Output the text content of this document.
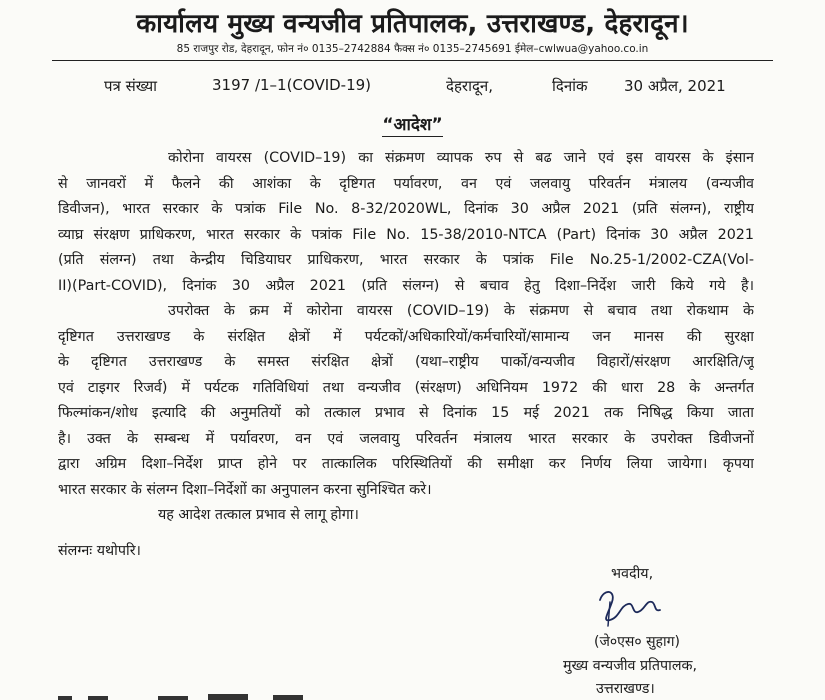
कार्यालय मुख्य वन्यजीव प्रतिपालक, उत्तराखण्ड, देहरादून।
85 राजपुर रोड, देहरादून, फोन नं० 0135–2742884 फैक्स नं० 0135–2745691 ईमेल–cwlwua@yahoo.co.in
पत्र संख्या	3197 /1–1(COVID-19)	देहरादून,	दिनांक 30 अप्रैल, 2021
“आदेश”
कोरोना वायरस (COVID–19) का संक्रमण व्यापक रुप से बढ जाने एवं इस वायरस के इंसान
से जानवरों में फैलने की आशंका के दृष्टिगत पर्यावरण, वन एवं जलवायु परिवर्तन मंत्रालय (वन्यजीव
डिवीजन), भारत सरकार के पत्रांक File No. 8-32/2020WL, दिनांक 30 अप्रैल 2021 (प्रति संलग्न), राष्ट्रीय
व्याघ्र संरक्षण प्राधिकरण, भारत सरकार के पत्रांक File No. 15-38/2010-NTCA (Part) दिनांक 30 अप्रैल 2021
(प्रति संलग्न) तथा केन्द्रीय चिडियाघर प्राधिकरण, भारत सरकार के पत्रांक File No.25-1/2002-CZA(Vol-
II)(Part-COVID), दिनांक 30 अप्रैल 2021 (प्रति संलग्न) से बचाव हेतु दिशा–निर्देश जारी किये गये है।
उपरोक्त के क्रम में कोरोना वायरस (COVID–19) के संक्रमण से बचाव तथा रोकथाम के
दृष्टिगत उत्तराखण्ड के संरक्षित क्षेत्रों में पर्यटकों/अधिकारियों/कर्मचारियों/सामान्य जन मानस की सुरक्षा
के दृष्टिगत उत्तराखण्ड के समस्त संरक्षित क्षेत्रों (यथा–राष्ट्रीय पार्को/वन्यजीव विहारों/संरक्षण आरक्षिति/जू
एवं टाइगर रिजर्व) में पर्यटक गतिविधियां तथा वन्यजीव (संरक्षण) अधिनियम 1972 की धारा 28 के अन्तर्गत
फिल्मांकन/शोध इत्यादि की अनुमतियों को तत्काल प्रभाव से दिनांक 15 मई 2021 तक निषिद्ध किया जाता
है। उक्त के सम्बन्ध में पर्यावरण, वन एवं जलवायु परिवर्तन मंत्रालय भारत सरकार के उपरोक्त डिवीजनों
द्वारा अग्रिम दिशा–निर्देश प्राप्त होने पर तात्कालिक परिस्थितियों की समीक्षा कर निर्णय लिया जायेगा। कृपया
भारत सरकार के संलग्न दिशा–निर्देशों का अनुपालन करना सुनिश्चित करे।
यह आदेश तत्काल प्रभाव से लागू होगा।
संलग्नः यथोपरि।
भवदीय,
(जे०एस० सुहाग)
मुख्य वन्यजीव प्रतिपालक,
उत्तराखण्ड।
